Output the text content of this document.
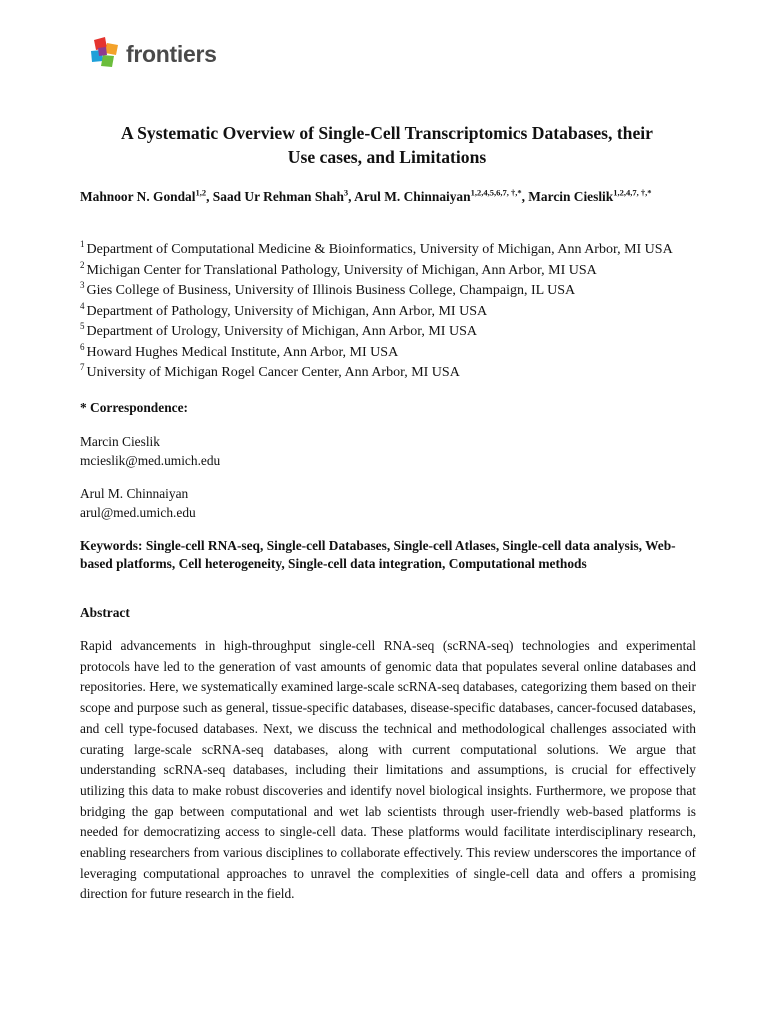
frontiers
A Systematic Overview of Single-Cell Transcriptomics Databases, their
Use cases, and Limitations
Mahnoor N. Gondal$^{1,2}$, Saad Ur Rehman Shah$^3$, Arul M. Chinnaiyan$^{1,2,4,5,6,7, \dagger,*}$, Marcin Cieslik$^{1,2,4,7, \dagger,*}$
$^1$ Department of Computational Medicine & Bioinformatics, University of Michigan, Ann Arbor, MI USA
$^2$ Michigan Center for Translational Pathology, University of Michigan, Ann Arbor, MI USA
$^3$ Gies College of Business, University of Illinois Business College, Champaign, IL USA
$^4$ Department of Pathology, University of Michigan, Ann Arbor, MI USA
$^5$ Department of Urology, University of Michigan, Ann Arbor, MI USA
$^6$ Howard Hughes Medical Institute, Ann Arbor, MI USA
$^7$ University of Michigan Rogel Cancer Center, Ann Arbor, MI USA
* Correspondence:
Marcin Cieslik
mcieslik@med.umich.edu
Arul M. Chinnaiyan
arul@med.umich.edu
Keywords: Single-cell RNA-seq, Single-cell Databases, Single-cell Atlases, Single-cell data analysis, Web-based platforms, Cell heterogeneity, Single-cell data integration, Computational methods
Abstract
Rapid advancements in high-throughput single-cell RNA-seq (scRNA-seq) technologies and experimental protocols have led to the generation of vast amounts of genomic data that populates several online databases and repositories. Here, we systematically examined large-scale scRNA-seq databases, categorizing them based on their scope and purpose such as general, tissue-specific databases, disease-specific databases, cancer-focused databases, and cell type-focused databases. Next, we discuss the technical and methodological challenges associated with curating large-scale scRNA-seq databases, along with current computational solutions. We argue that understanding scRNA-seq databases, including their limitations and assumptions, is crucial for effectively utilizing this data to make robust discoveries and identify novel biological insights. Furthermore, we propose that bridging the gap between computational and wet lab scientists through user-friendly web-based platforms is needed for democratizing access to single-cell data. These platforms would facilitate interdisciplinary research, enabling researchers from various disciplines to collaborate effectively. This review underscores the importance of leveraging computational approaches to unravel the complexities of single-cell data and offers a promising direction for future research in the field.
